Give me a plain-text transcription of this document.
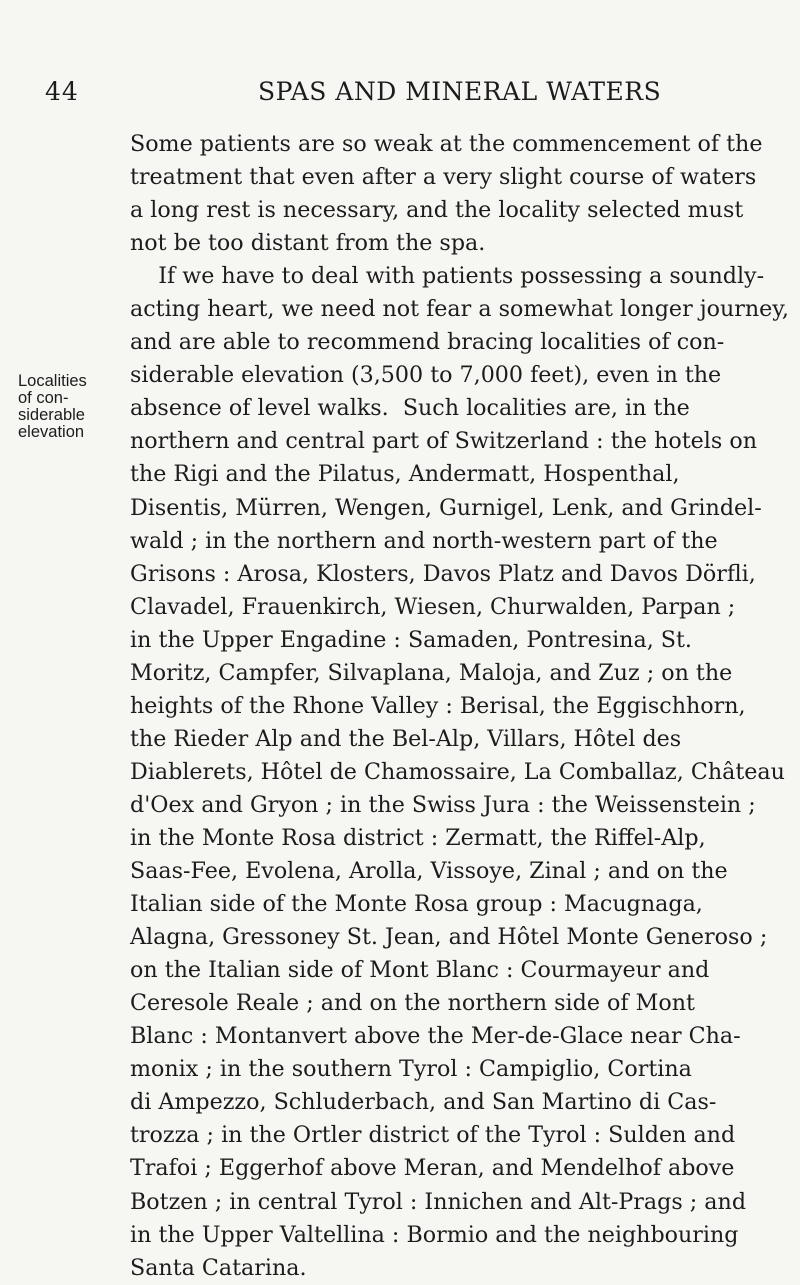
44	SPAS AND MINERAL WATERS
Localities
of con-
siderable
elevation
Some patients are so weak at the commencement of the
treatment that even after a very slight course of waters
a long rest is necessary, and the locality selected must
not be too distant from the spa.
If we have to deal with patients possessing a soundly-
acting heart, we need not fear a somewhat longer journey,
and are able to recommend bracing localities of con-
siderable elevation (3,500 to 7,000 feet), even in the
absence of level walks.  Such localities are, in the
northern and central part of Switzerland : the hotels on
the Rigi and the Pilatus, Andermatt, Hospenthal,
Disentis, Mürren, Wengen, Gurnigel, Lenk, and Grindel-
wald ; in the northern and north-western part of the
Grisons : Arosa, Klosters, Davos Platz and Davos Dörfli,
Clavadel, Frauenkirch, Wiesen, Churwalden, Parpan ;
in the Upper Engadine : Samaden, Pontresina, St.
Moritz, Campfer, Silvaplana, Maloja, and Zuz ; on the
heights of the Rhone Valley : Berisal, the Eggischhorn,
the Rieder Alp and the Bel-Alp, Villars, Hôtel des
Diablerets, Hôtel de Chamossaire, La Comballaz, Château
d'Oex and Gryon ; in the Swiss Jura : the Weissenstein ;
in the Monte Rosa district : Zermatt, the Riffel-Alp,
Saas-Fee, Evolena, Arolla, Vissoye, Zinal ; and on the
Italian side of the Monte Rosa group : Macugnaga,
Alagna, Gressoney St. Jean, and Hôtel Monte Generoso ;
on the Italian side of Mont Blanc : Courmayeur and
Ceresole Reale ; and on the northern side of Mont
Blanc : Montanvert above the Mer-de-Glace near Cha-
monix ; in the southern Tyrol : Campiglio, Cortina
di Ampezzo, Schluderbach, and San Martino di Cas-
trozza ; in the Ortler district of the Tyrol : Sulden and
Trafoi ; Eggerhof above Meran, and Mendelhof above
Botzen ; in central Tyrol : Innichen and Alt-Prags ; and
in the Upper Valtellina : Bormio and the neighbouring
Santa Catarina.
